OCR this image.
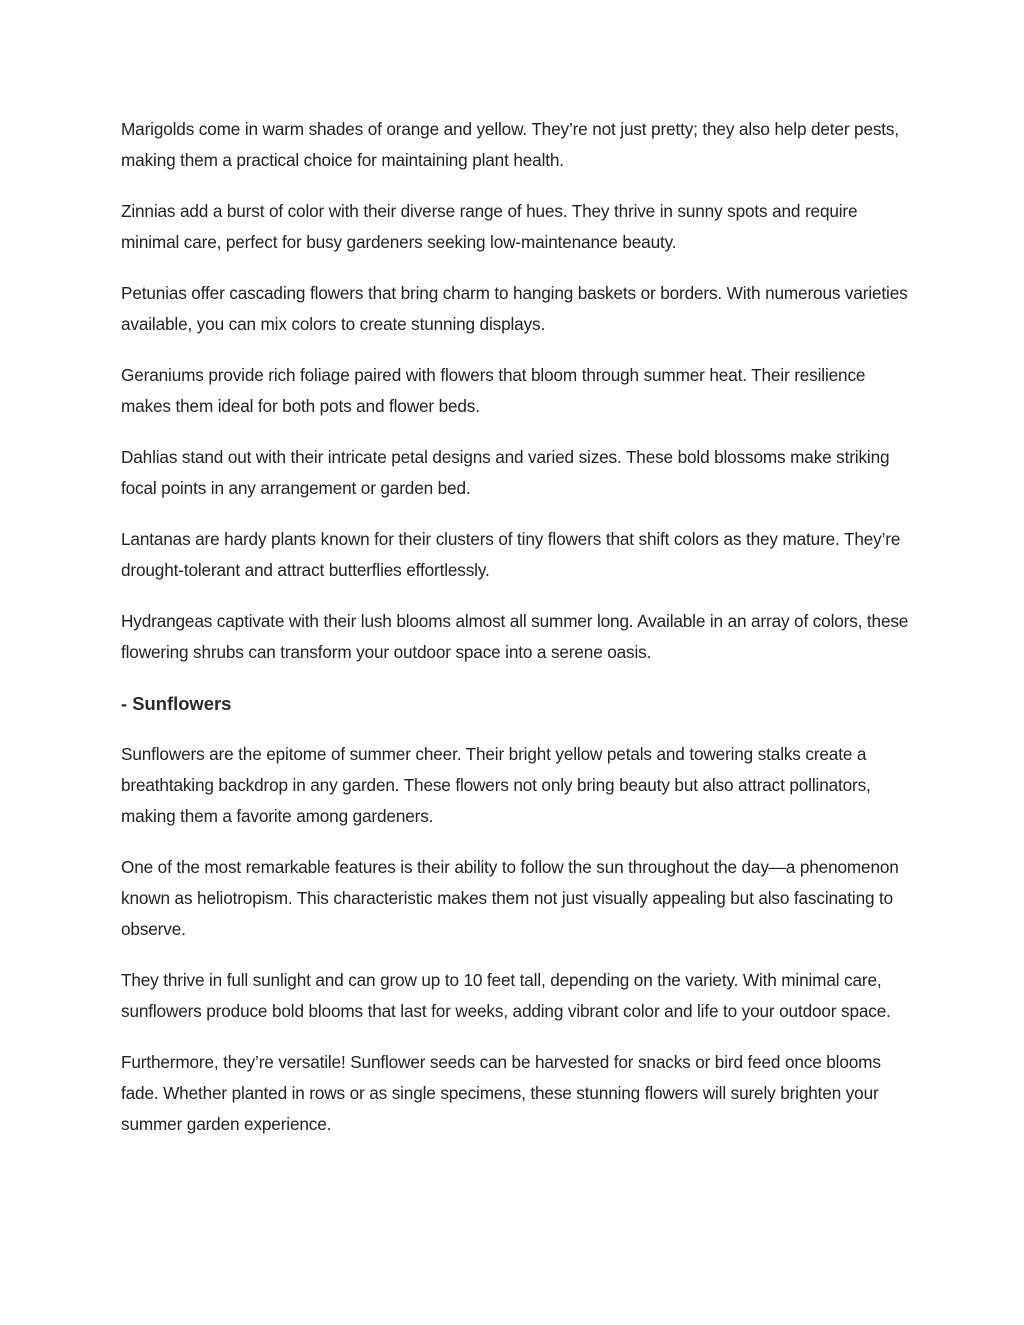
Marigolds come in warm shades of orange and yellow. They’re not just pretty; they also help deter pests, making them a practical choice for maintaining plant health.

Zinnias add a burst of color with their diverse range of hues. They thrive in sunny spots and require minimal care, perfect for busy gardeners seeking low-maintenance beauty.

Petunias offer cascading flowers that bring charm to hanging baskets or borders. With numerous varieties available, you can mix colors to create stunning displays.

Geraniums provide rich foliage paired with flowers that bloom through summer heat. Their resilience makes them ideal for both pots and flower beds.

Dahlias stand out with their intricate petal designs and varied sizes. These bold blossoms make striking focal points in any arrangement or garden bed.

Lantanas are hardy plants known for their clusters of tiny flowers that shift colors as they mature. They’re drought-tolerant and attract butterflies effortlessly.

Hydrangeas captivate with their lush blooms almost all summer long. Available in an array of colors, these flowering shrubs can transform your outdoor space into a serene oasis.

- Sunflowers

Sunflowers are the epitome of summer cheer. Their bright yellow petals and towering stalks create a breathtaking backdrop in any garden. These flowers not only bring beauty but also attract pollinators, making them a favorite among gardeners.

One of the most remarkable features is their ability to follow the sun throughout the day—a phenomenon known as heliotropism. This characteristic makes them not just visually appealing but also fascinating to observe.

They thrive in full sunlight and can grow up to 10 feet tall, depending on the variety. With minimal care, sunflowers produce bold blooms that last for weeks, adding vibrant color and life to your outdoor space.

Furthermore, they’re versatile! Sunflower seeds can be harvested for snacks or bird feed once blooms fade. Whether planted in rows or as single specimens, these stunning flowers will surely brighten your summer garden experience.
